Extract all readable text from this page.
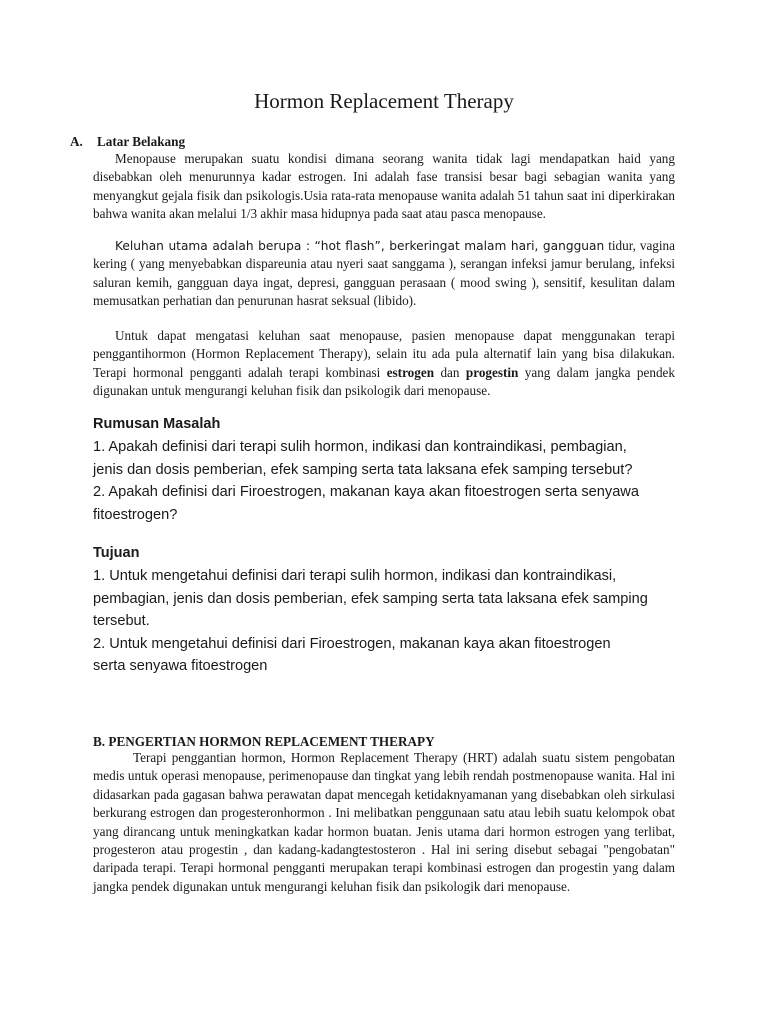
Hormon Replacement Therapy
A. Latar Belakang

Menopause merupakan suatu kondisi dimana seorang wanita tidak lagi mendapatkan haid yang disebabkan oleh menurunnya kadar estrogen. Ini adalah fase transisi besar bagi sebagian wanita yang menyangkut gejala fisik dan psikologis.Usia rata-rata menopause wanita adalah 51 tahun saat ini diperkirakan bahwa wanita akan melalui 1/3 akhir masa hidupnya pada saat atau pasca menopause.

Keluhan utama adalah berupa : “hot flash”, berkeringat malam hari, gangguan tidur, vagina kering ( yang menyebabkan dispareunia atau nyeri saat sanggama ), serangan infeksi jamur berulang, infeksi saluran kemih, gangguan daya ingat, depresi, gangguan perasaan ( mood swing ), sensitif, kesulitan dalam memusatkan perhatian dan penurunan hasrat seksual (libido).

Untuk dapat mengatasi keluhan saat menopause, pasien menopause dapat menggunakan terapi penggantihormon (Hormon Replacement Therapy), selain itu ada pula alternatif lain yang bisa dilakukan. Terapi hormonal pengganti adalah terapi kombinasi estrogen dan progestin yang dalam jangka pendek digunakan untuk mengurangi keluhan fisik dan psikologik dari menopause.

Rumusan Masalah
1. Apakah definisi dari terapi sulih hormon, indikasi dan kontraindikasi, pembagian,
jenis dan dosis pemberian, efek samping serta tata laksana efek samping tersebut?
2. Apakah definisi dari Firoestrogen, makanan kaya akan fitoestrogen serta senyawa
fitoestrogen?
Tujuan
1. Untuk mengetahui definisi dari terapi sulih hormon, indikasi dan kontraindikasi,
pembagian, jenis dan dosis pemberian, efek samping serta tata laksana efek samping
tersebut.
2. Untuk mengetahui definisi dari Firoestrogen, makanan kaya akan fitoestrogen
serta senyawa fitoestrogen
B. PENGERTIAN HORMON REPLACEMENT THERAPY

Terapi penggantian hormon, Hormon Replacement Therapy (HRT) adalah suatu sistem pengobatan medis untuk operasi menopause, perimenopause dan tingkat yang lebih rendah postmenopause wanita. Hal ini didasarkan pada gagasan bahwa perawatan dapat mencegah ketidaknyamanan yang disebabkan oleh sirkulasi berkurang estrogen dan progesteronhormon . Ini melibatkan penggunaan satu atau lebih suatu kelompok obat yang dirancang untuk meningkatkan kadar hormon buatan. Jenis utama dari hormon estrogen yang terlibat, progesteron atau progestin , dan kadang-kadangtestosteron . Hal ini sering disebut sebagai "pengobatan" daripada terapi. Terapi hormonal pengganti merupakan terapi kombinasi estrogen dan progestin yang dalam jangka pendek digunakan untuk mengurangi keluhan fisik dan psikologik dari menopause.
